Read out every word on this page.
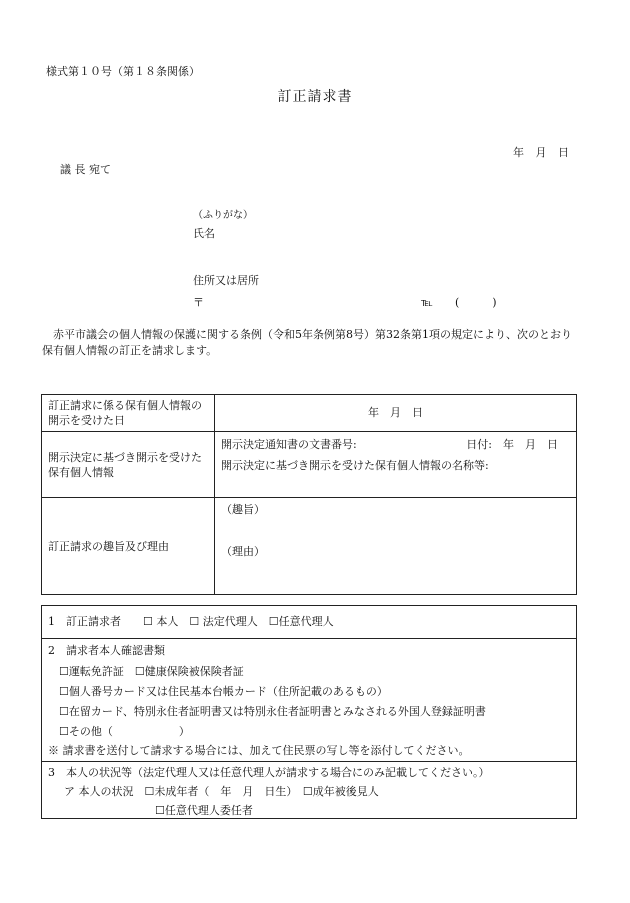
様式第１０号（第１８条関係）
訂正請求書
年 月 日
議 長 宛て
（ふりがな）
氏名
住所又は居所
〒	℡ (　　　)
赤平市議会の個人情報の保護に関する条例（令和5年条例第8号）第32条第1項の規定により、次のとおり保有個人情報の訂正を請求します。
訂正請求に係る保有個人情報の開示を受けた日	年　月　日
開示決定に基づき開示を受けた保有個人情報	開示決定通知書の文書番号: 日付:　年　月　日
開示決定に基づき開示を受けた保有個人情報の名称等:

訂正請求の趣旨及び理由	（趣旨）
（理由）
1　訂正請求者　　☐ 本人　☐ 法定代理人　☐任意代理人
2　請求者本人確認書類
☐運転免許証　☐健康保険被保険者証
☐個人番号カード又は住民基本台帳カード（住所記載のあるもの）
☐在留カード、特別永住者証明書又は特別永住者証明書とみなされる外国人登録証明書
☐その他（　　　　　　）
※ 請求書を送付して請求する場合には、加えて住民票の写し等を添付してください。
3　本人の状況等（法定代理人又は任意代理人が請求する場合にのみ記載してください。）
ア 本人の状況　☐未成年者（　年　月　日生）　☐成年被後見人
☐任意代理人委任者
